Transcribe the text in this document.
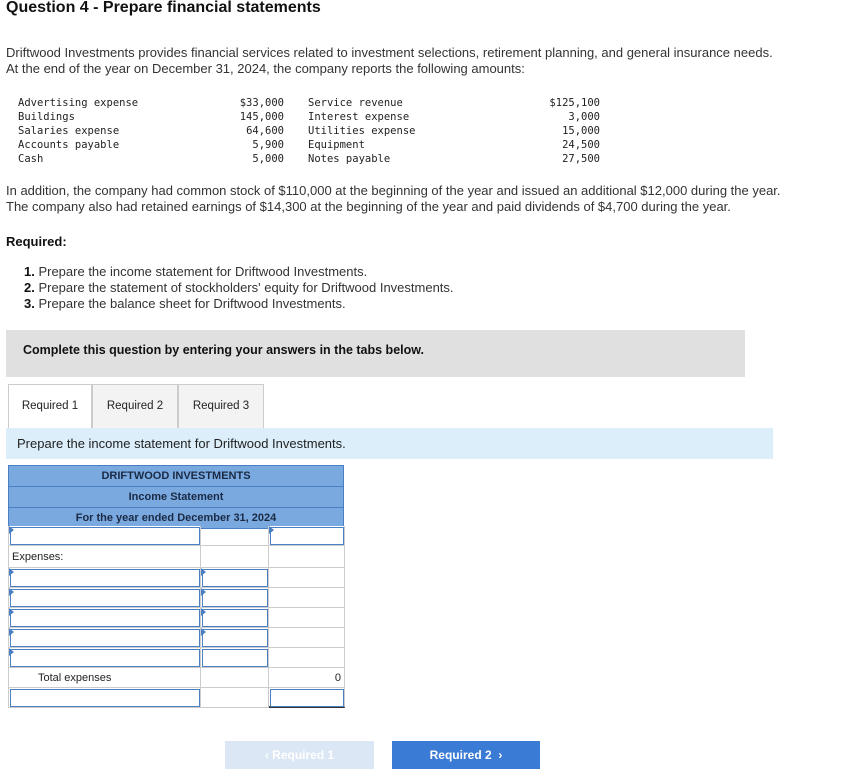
Question 4 - Prepare financial statements
Driftwood Investments provides financial services related to investment selections, retirement planning, and general insurance needs.
At the end of the year on December 31, 2024, the company reports the following amounts:
Advertising expense	$33,000 Service revenue	$125,100
Buildings	145,000 Interest expense	3,000
Salaries expense	64,600 Utilities expense	15,000
Accounts payable	5,900 Equipment	24,500
Cash	5,000 Notes payable	27,500
In addition, the company had common stock of $110,000 at the beginning of the year and issued an additional $12,000 during the year.
The company also had retained earnings of $14,300 at the beginning of the year and paid dividends of $4,700 during the year.
Required:
1. Prepare the income statement for Driftwood Investments.
2. Prepare the statement of stockholders' equity for Driftwood Investments.
3. Prepare the balance sheet for Driftwood Investments.
Complete this question by entering your answers in the tabs below.
Required 1	Required 2	Required 3
Prepare the income statement for Driftwood Investments.
DRIFTWOOD INVESTMENTS
Income Statement
For the year ended December 31, 2024
Expenses:
Total expenses	0
‹ Required 1	Required 2  ›
